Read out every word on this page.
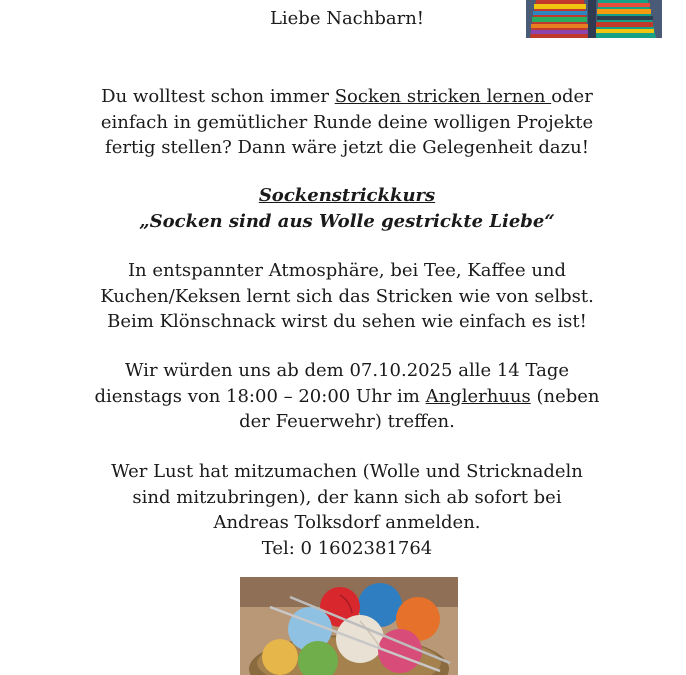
Liebe Nachbarn!

Du wolltest schon immer Socken stricken lernen oder

einfach in gemütlicher Runde deine wolligen Projekte

fertig stellen? Dann wäre jetzt die Gelegenheit dazu!

Sockenstrickkurs

„Socken sind aus Wolle gestrickte Liebe“

In entspannter Atmosphäre, bei Tee, Kaffee und

Kuchen/Keksen lernt sich das Stricken wie von selbst.

Beim Klönschnack wirst du sehen wie einfach es ist!

Wir würden uns ab dem 07.10.2025 alle 14 Tage

dienstags von 18:00 – 20:00 Uhr im Anglerhuus (neben

der Feuerwehr) treffen.

Wer Lust hat mitzumachen (Wolle und Stricknadeln

sind mitzubringen), der kann sich ab sofort bei

Andreas Tolksdorf anmelden.

Tel: 0 1602381764
